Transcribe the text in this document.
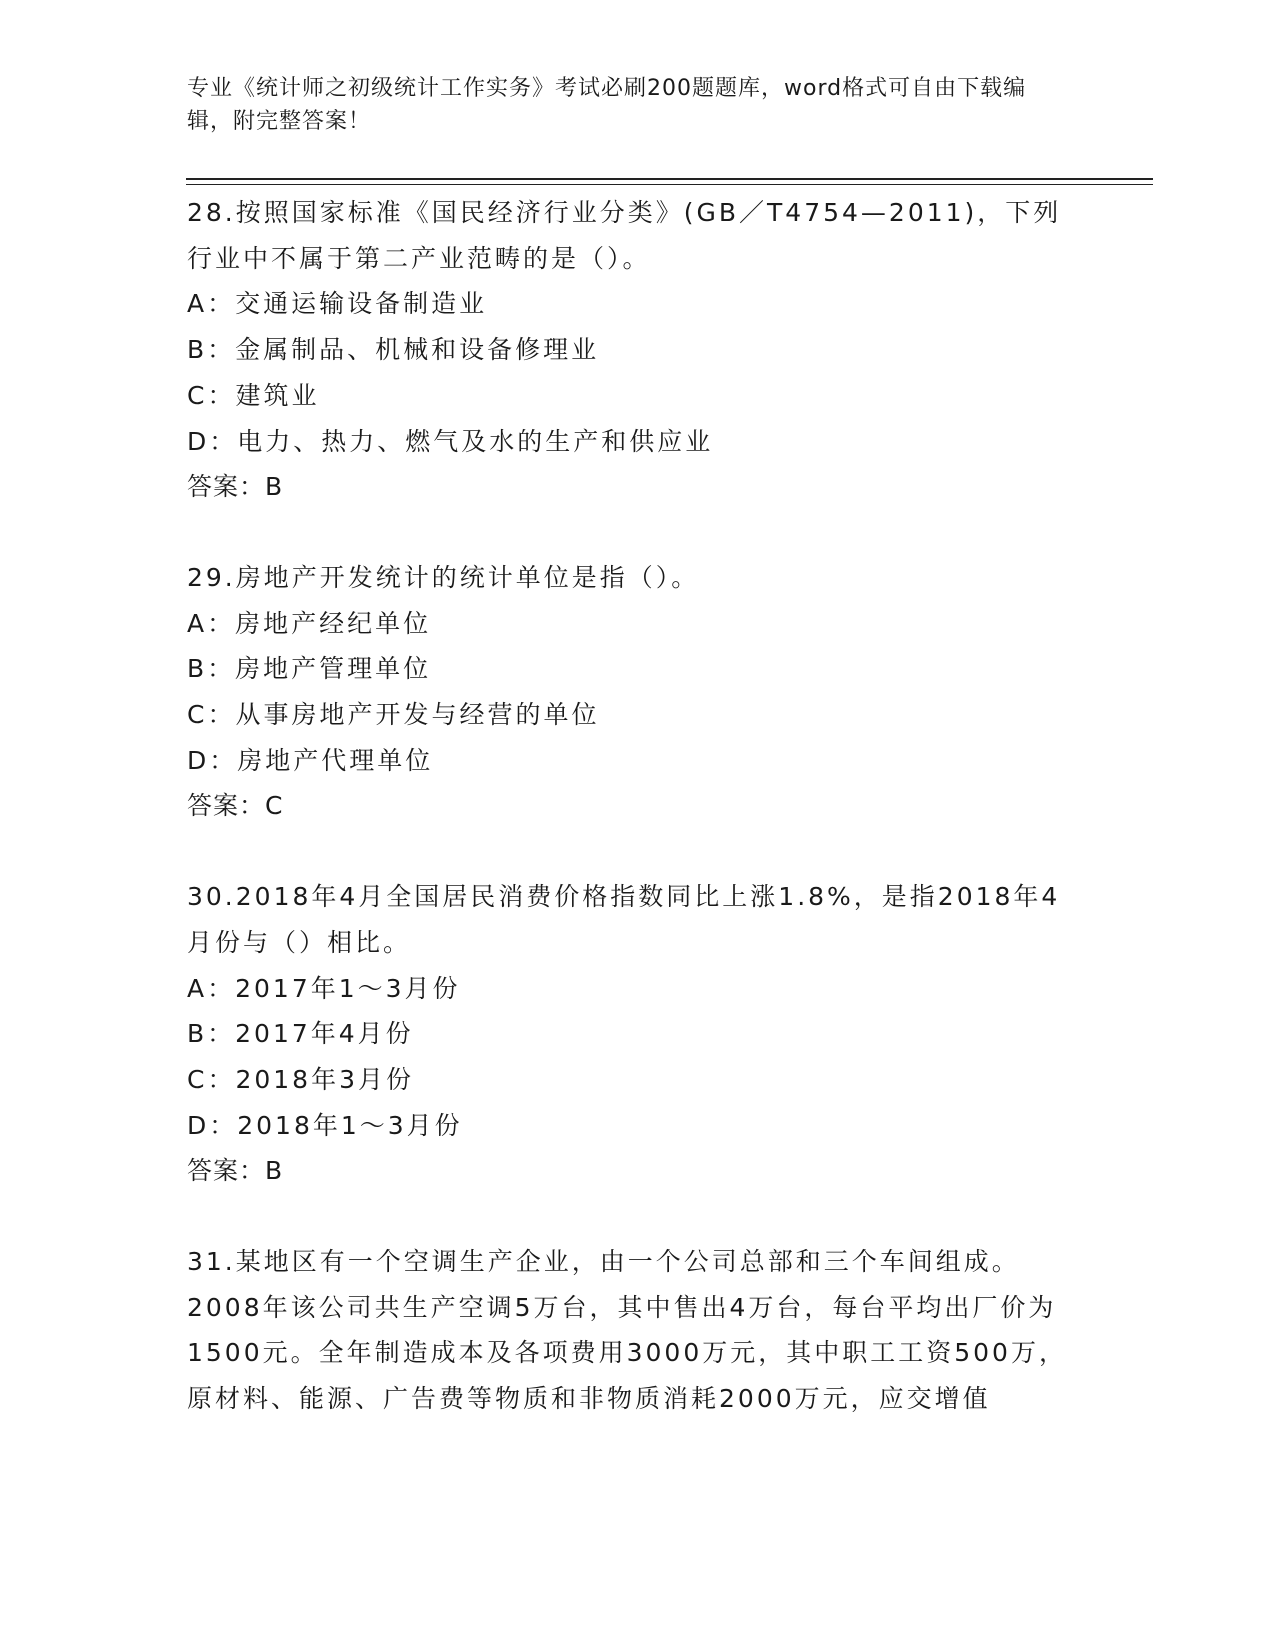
专业《统计师之初级统计工作实务》考试必刷200题题库，word格式可自由下载编辑，附完整答案！
28.按照国家标准《国民经济行业分类》(GB／T4754—2011)，下列行业中不属于第二产业范畴的是（）。
A：交通运输设备制造业
B：金属制品、机械和设备修理业
C：建筑业
D：电力、热力、燃气及水的生产和供应业
答案：B
29.房地产开发统计的统计单位是指（）。
A：房地产经纪单位
B：房地产管理单位
C：从事房地产开发与经营的单位
D：房地产代理单位
答案：C
30.2018年4月全国居民消费价格指数同比上涨1.8%，是指2018年4月份与（）相比。
A：2017年1～3月份
B：2017年4月份
C：2018年3月份
D：2018年1～3月份
答案：B
31.某地区有一个空调生产企业，由一个公司总部和三个车间组成。2008年该公司共生产空调5万台，其中售出4万台，每台平均出厂价为1500元。全年制造成本及各项费用3000万元，其中职工工资500万，原材料、能源、广告费等物质和非物质消耗2000万元，应交增值
